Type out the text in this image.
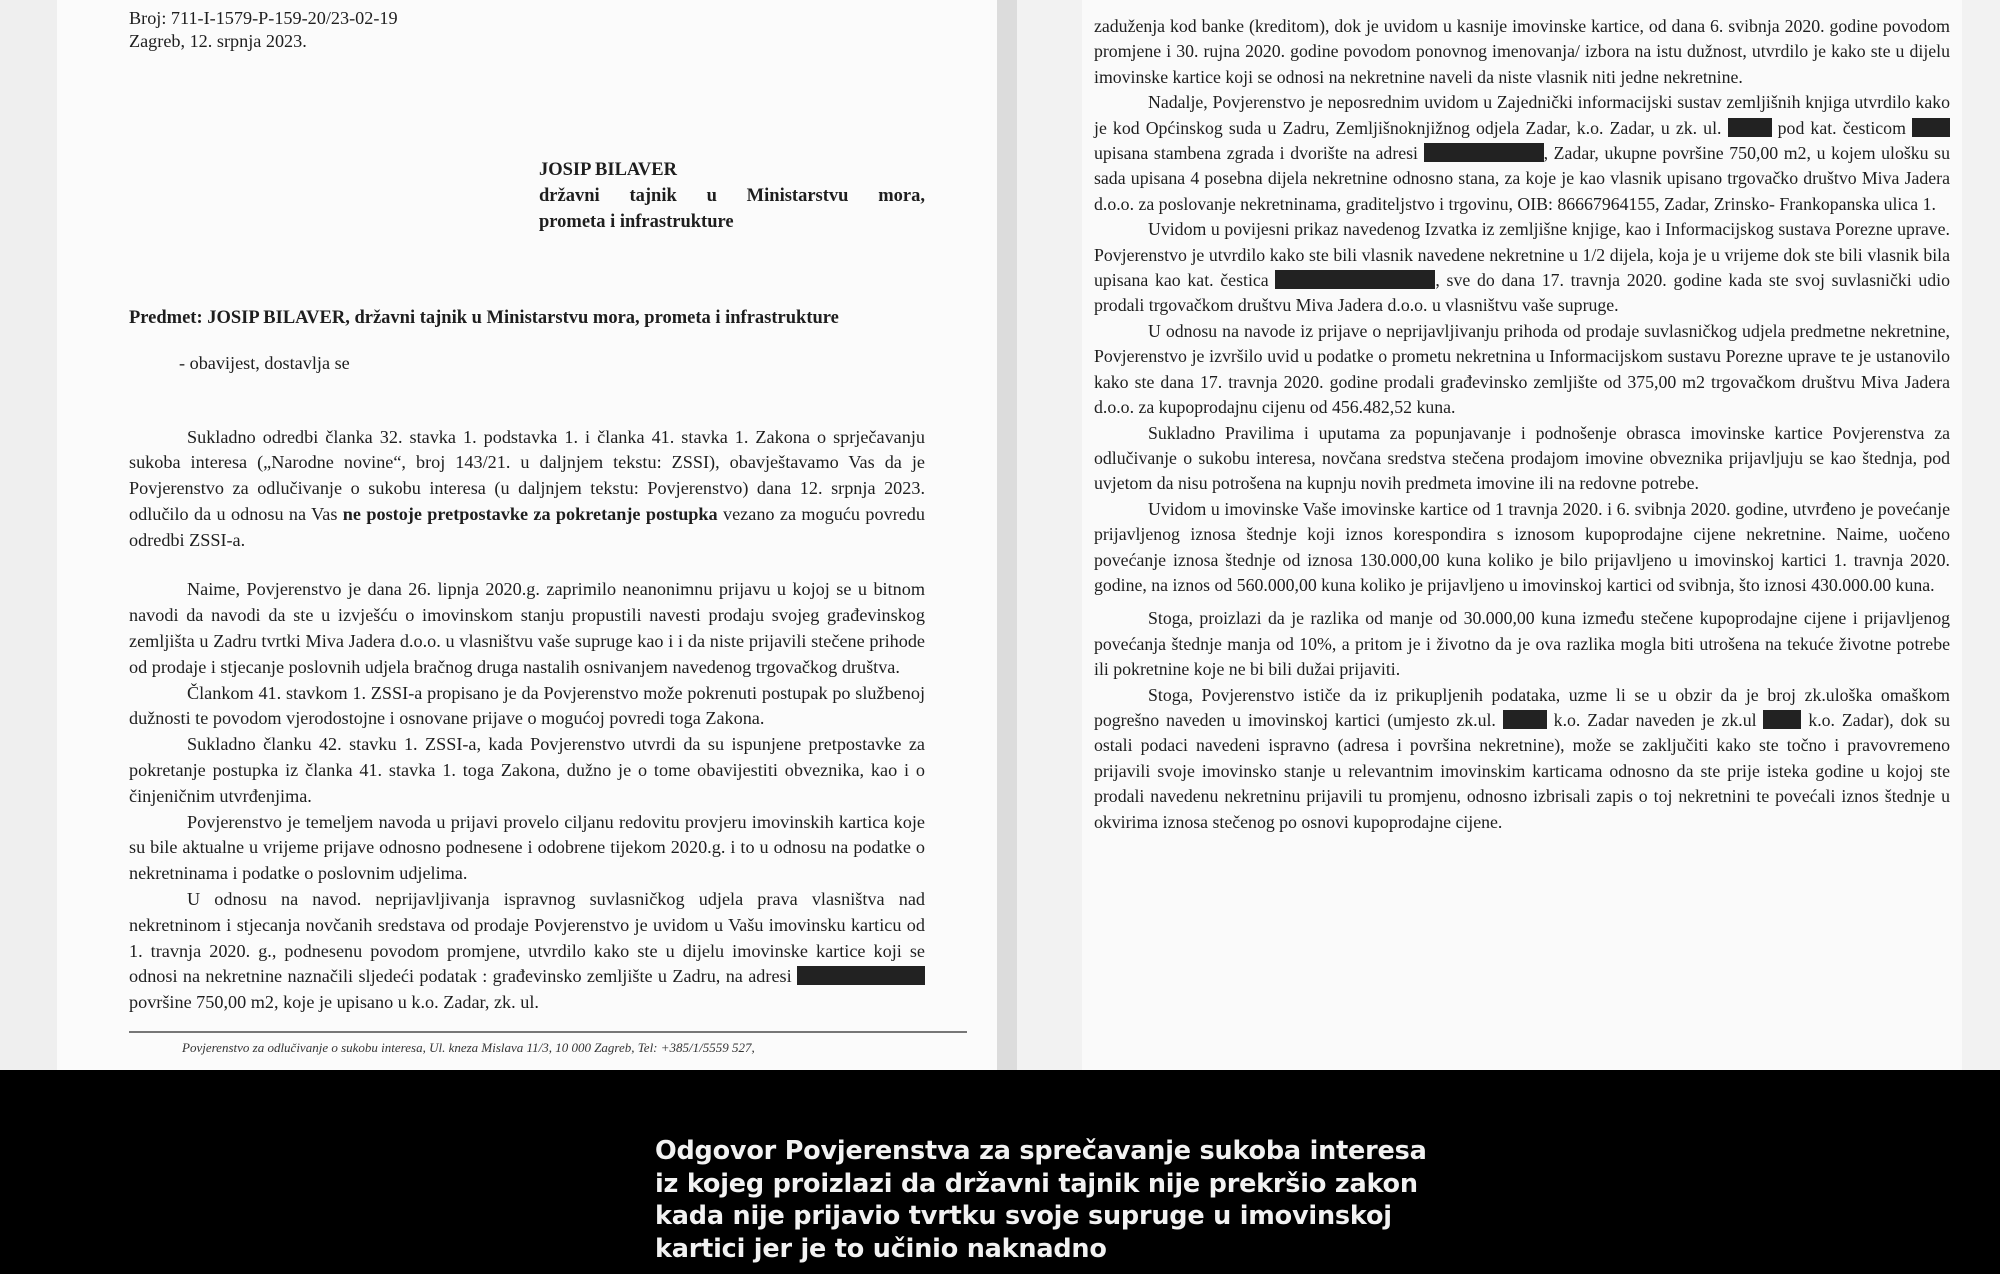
Broj: 711-I-1579-P-159-20/23-02-19

Zagreb, 12. srpnja 2023.

JOSIP BILAVER

državni tajnik u Ministarstvu mora,

prometa i infrastrukture

Predmet: JOSIP BILAVER, državni tajnik u Ministarstvu mora, prometa i infrastrukture

- obavijest, dostavlja se

Sukladno odredbi članka 32. stavka 1. podstavka 1. i članka 41. stavka 1. Zakona o sprječavanju sukoba interesa („Narodne novine“, broj 143/21. u daljnjem tekstu: ZSSI), obavještavamo Vas da je Povjerenstvo za odlučivanje o sukobu interesa (u daljnjem tekstu: Povjerenstvo) dana 12. srpnja 2023. odlučilo da u odnosu na Vas ne postoje pretpostavke za pokretanje postupka vezano za moguću povredu odredbi ZSSI-a.

Naime, Povjerenstvo je dana 26. lipnja 2020.g. zaprimilo neanonimnu prijavu u kojoj se u bitnom navodi da navodi da ste u izvješću o imovinskom stanju propustili navesti prodaju svojeg građevinskog zemljišta u Zadru tvrtki Miva Jadera d.o.o. u vlasništvu vaše supruge kao i i da niste prijavili stečene prihode od prodaje i stjecanje poslovnih udjela bračnog druga nastalih osnivanjem navedenog trgovačkog društva.

Člankom 41. stavkom 1. ZSSI-a propisano je da Povjerenstvo može pokrenuti postupak po službenoj dužnosti te povodom vjerodostojne i osnovane prijave o mogućoj povredi toga Zakona.

Sukladno članku 42. stavku 1. ZSSI-a, kada Povjerenstvo utvrdi da su ispunjene pretpostavke za pokretanje postupka iz članka 41. stavka 1. toga Zakona, dužno je o tome obavijestiti obveznika, kao i o činjeničnim utvrđenjima.

Povjerenstvo je temeljem navoda u prijavi provelo ciljanu redovitu provjeru imovinskih kartica koje su bile aktualne u vrijeme prijave odnosno podnesene i odobrene tijekom 2020.g. i to u odnosu na podatke o nekretninama i podatke o poslovnim udjelima.

U odnosu na navod. neprijavljivanja ispravnog suvlasničkog udjela prava vlasništva nad nekretninom i stjecanja novčanih sredstava od prodaje Povjerenstvo je uvidom u Vašu imovinsku karticu od 1. travnja 2020. g., podnesenu povodom promjene, utvrdilo kako ste u dijelu imovinske kartice koji se odnosi na nekretnine naznačili sljedeći podatak : građevinsko zemljište u Zadru, na adresi  površine 750,00 m2, koje je upisano u k.o. Zadar, zk. ul.

Povjerenstvo za odlučivanje o sukobu interesa, Ul. kneza Mislava 11/3, 10 000 Zagreb, Tel: +385/1/5559 527,

zaduženja kod banke (kreditom), dok je uvidom u kasnije imovinske kartice, od dana 6. svibnja 2020. godine povodom promjene i 30. rujna 2020. godine povodom ponovnog imenovanja/ izbora na istu dužnost, utvrdilo je kako ste u dijelu imovinske kartice koji se odnosi na nekretnine naveli da niste vlasnik niti jedne nekretnine.

Nadalje, Povjerenstvo je neposrednim uvidom u Zajednički informacijski sustav zemljišnih knjiga utvrdilo kako je kod Općinskog suda u Zadru, Zemljišnoknjižnog odjela Zadar, k.o. Zadar, u zk. ul.  pod kat. česticom  upisana stambena zgrada i dvorište na adresi	, Zadar, ukupne površine 750,00 m2, u kojem ulošku su sada upisana 4 posebna dijela nekretnine odnosno stana, za koje je kao vlasnik upisano trgovačko društvo Miva Jadera d.o.o. za poslovanje nekretninama, graditeljstvo i trgovinu, OIB: 86667964155, Zadar, Zrinsko- Frankopanska ulica 1.

Uvidom u povijesni prikaz navedenog Izvatka iz zemljišne knjige, kao i Informacijskog sustava Porezne uprave. Povjerenstvo je utvrdilo kako ste bili vlasnik navedene nekretnine u 1/2 dijela, koja je u vrijeme dok ste bili vlasnik bila upisana kao kat. čestica	, sve do dana 17. travnja 2020. godine kada ste svoj suvlasnički udio prodali trgovačkom društvu Miva Jadera d.o.o. u vlasništvu vaše supruge.

U odnosu na navode iz prijave o neprijavljivanju prihoda od prodaje suvlasničkog udjela predmetne nekretnine, Povjerenstvo je izvršilo uvid u podatke o prometu nekretnina u Informacijskom sustavu Porezne uprave te je ustanovilo kako ste dana 17. travnja 2020. godine prodali građevinsko zemljište od 375,00 m2 trgovačkom društvu Miva Jadera d.o.o. za kupoprodajnu cijenu od 456.482,52 kuna.

Sukladno Pravilima i uputama za popunjavanje i podnošenje obrasca imovinske kartice Povjerenstva za odlučivanje o sukobu interesa, novčana sredstva stečena prodajom imovine obveznika prijavljuju se kao štednja, pod uvjetom da nisu potrošena na kupnju novih predmeta imovine ili na redovne potrebe.

Uvidom u imovinske Vaše imovinske kartice od 1 travnja 2020. i 6. svibnja 2020. godine, utvrđeno je povećanje prijavljenog iznosa štednje koji iznos korespondira s iznosom kupoprodajne cijene nekretnine. Naime, uočeno povećanje iznosa štednje od iznosa 130.000,00 kuna koliko je bilo prijavljeno u imovinskoj kartici 1. travnja 2020. godine, na iznos od 560.000,00 kuna koliko je prijavljeno u imovinskoj kartici od svibnja, što iznosi 430.000.00 kuna.

Stoga, proizlazi da je razlika od manje od 30.000,00 kuna između stečene kupoprodajne cijene i prijavljenog povećanja štednje manja od 10%, a pritom je i životno da je ova razlika mogla biti utrošena na tekuće životne potrebe ili pokretnine koje ne bi bili dužai prijaviti.

Stoga, Povjerenstvo ističe da iz prikupljenih podataka, uzme li se u obzir da je broj zk.uloška omaškom pogrešno naveden u imovinskoj kartici (umjesto zk.ul.  k.o. Zadar naveden je zk.ul  k.o. Zadar), dok su ostali podaci navedeni ispravno (adresa i površina nekretnine), može se zaključiti kako ste točno i pravovremeno prijavili svoje imovinsko stanje u relevantnim imovinskim karticama odnosno da ste prije isteka godine u kojoj ste prodali navedenu nekretninu prijavili tu promjenu, odnosno izbrisali zapis o toj nekretnini te povećali iznos štednje u okvirima iznosa stečenog po osnovi kupoprodajne cijene.

Odgovor Povjerenstva za sprečavanje sukoba interesa
iz kojeg proizlazi da državni tajnik nije prekršio zakon
kada nije prijavio tvrtku svoje supruge u imovinskoj
kartici jer je to učinio naknadno
